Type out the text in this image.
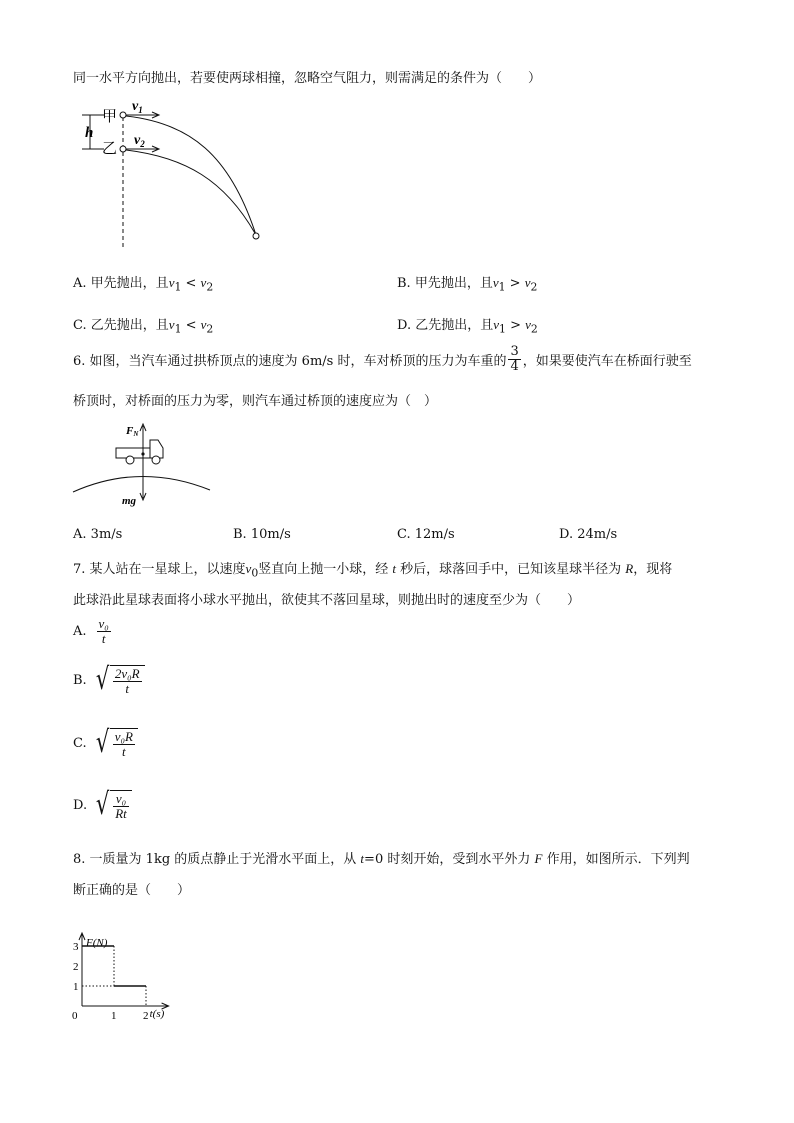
同一水平方向抛出，若要使两球相撞，忽略空气阻力，则需满足的条件为（　　）
甲
乙
h
$v_1$
$v_2$
A. 甲先抛出，且$v_1 < v_2$	B. 甲先抛出，且$v_1 > v_2$
C. 乙先抛出，且$v_1 < v_2$	D. 乙先抛出，且$v_1 > v_2$
6. 如图，当汽车通过拱桥顶点的速度为 6m/s 时，车对桥顶的压力为车重的 $\frac{3}{4}$ ，如果要使汽车在桥面行驶至
桥顶时，对桥面的压力为零，则汽车通过桥顶的速度应为（　）
FN
mg
A. 3m/s	B. 10m/s	C. 12m/s	D. 24m/s
7. 某人站在一星球上，以速度$v_0$竖直向上抛一小球，经 t 秒后，球落回手中，已知该星球半径为 R，现将
此球沿此星球表面将小球水平抛出，欲使其不落回星球，则抛出时的速度至少为（　　）
A. $\frac{\text{v₀}}{t}$
B. √ $\frac{\text{2v₀R}}{t}$
C. √ $\frac{\text{v₀R}}{t}$
D. √ $\frac{\text{v₀}}{Rt}$
8. 一质量为 1kg 的质点静止于光滑水平面上，从 t=0 时刻开始，受到水平外力 F 作用，如图所示．下列判
断正确的是（　　）
F(N)
t(s)
1
2
3
0	1 2
